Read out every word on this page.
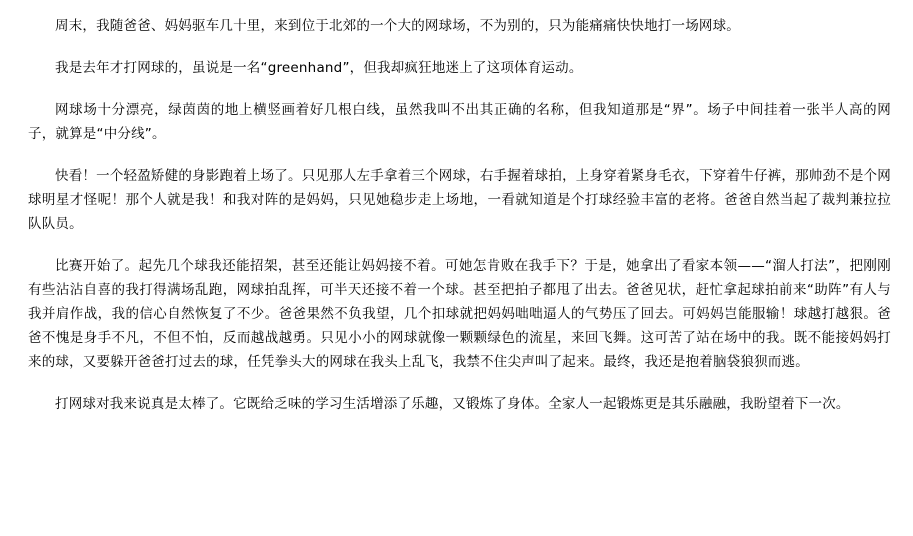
周末，我随爸爸、妈妈驱车几十里，来到位于北郊的一个大的网球场，不为别的，只为能痛痛快快地打一场网球。

我是去年才打网球的，虽说是一名“greenhand”，但我却疯狂地迷上了这项体育运动。

网球场十分漂亮，绿茵茵的地上横竖画着好几根白线，虽然我叫不出其正确的名称，但我知道那是“界”。场子中间挂着一张半人高的网子，就算是“中分线”。

快看！一个轻盈矫健的身影跑着上场了。只见那人左手拿着三个网球，右手握着球拍，上身穿着紧身毛衣，下穿着牛仔裤，那帅劲不是个网球明星才怪呢！那个人就是我！和我对阵的是妈妈，只见她稳步走上场地，一看就知道是个打球经验丰富的老将。爸爸自然当起了裁判兼拉拉队队员。

比赛开始了。起先几个球我还能招架，甚至还能让妈妈接不着。可她怎肯败在我手下？于是，她拿出了看家本领——“溜人打法”，把刚刚有些沾沾自喜的我打得满场乱跑，网球拍乱挥，可半天还接不着一个球。甚至把拍子都甩了出去。爸爸见状，赶忙拿起球拍前来“助阵”有人与我并肩作战，我的信心自然恢复了不少。爸爸果然不负我望，几个扣球就把妈妈咄咄逼人的气势压了回去。可妈妈岂能服输！球越打越狠。爸爸不愧是身手不凡，不但不怕，反而越战越勇。只见小小的网球就像一颗颗绿色的流星，来回飞舞。这可苦了站在场中的我。既不能接妈妈打来的球，又要躲开爸爸打过去的球，任凭拳头大的网球在我头上乱飞，我禁不住尖声叫了起来。最终，我还是抱着脑袋狼狈而逃。

打网球对我来说真是太棒了。它既给乏味的学习生活增添了乐趣，又锻炼了身体。全家人一起锻炼更是其乐融融，我盼望着下一次。
